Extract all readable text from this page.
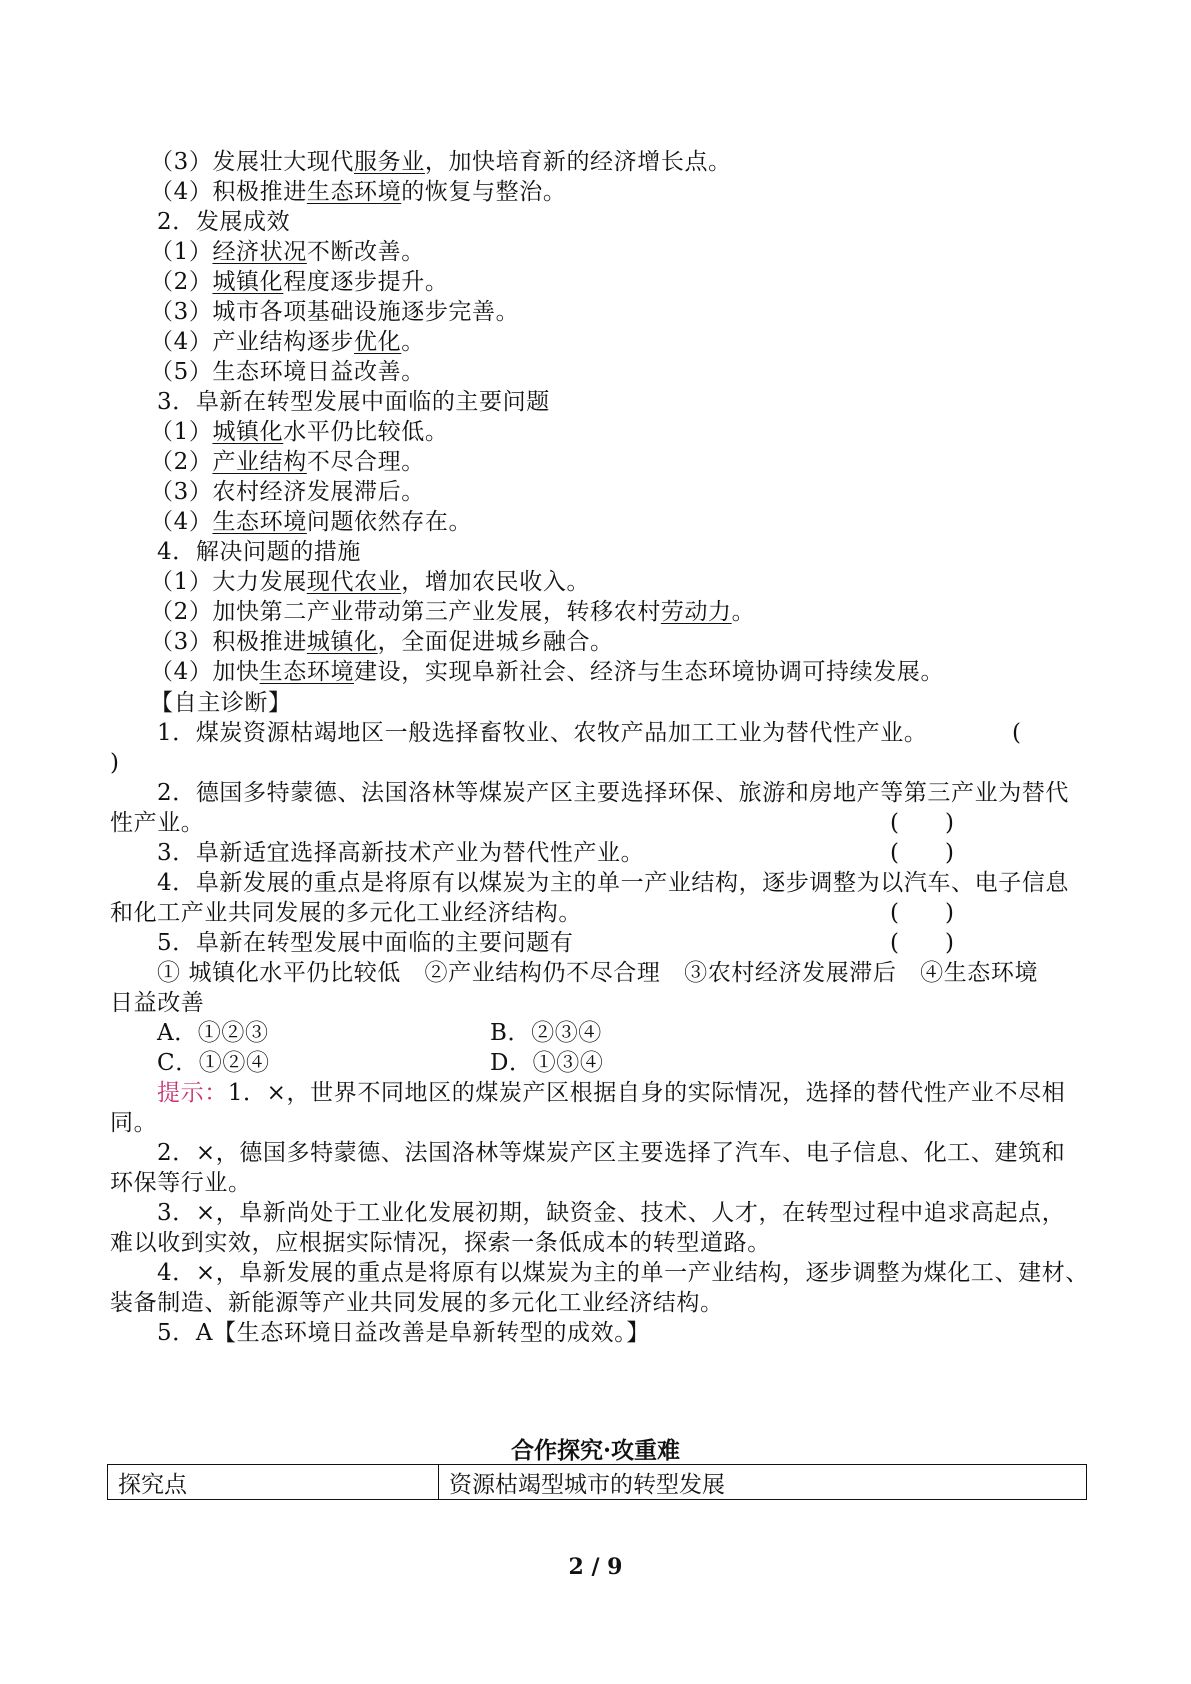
（3）发展壮大现代服务业，加快培育新的经济增长点。
（4）积极推进生态环境的恢复与整治。
2．发展成效
（1）经济状况不断改善。
（2）城镇化程度逐步提升。
（3）城市各项基础设施逐步完善。
（4）产业结构逐步优化。
（5）生态环境日益改善。
3．阜新在转型发展中面临的主要问题
（1）城镇化水平仍比较低。
（2）产业结构不尽合理。
（3）农村经济发展滞后。
（4）生态环境问题依然存在。
4．解决问题的措施
（1）大力发展现代农业，增加农民收入。
（2）加快第二产业带动第三产业发展，转移农村劳动力。
（3）积极推进城镇化，全面促进城乡融合。
（4）加快生态环境建设，实现阜新社会、经济与生态环境协调可持续发展。
【自主诊断】
1．煤炭资源枯竭地区一般选择畜牧业、农牧产品加工工业为替代性产业。	(
)
2．德国多特蒙德、法国洛林等煤炭产区主要选择环保、旅游和房地产等第三产业为替代
性产业。	(　　)
3．阜新适宜选择高新技术产业为替代性产业。	(　　)
4．阜新发展的重点是将原有以煤炭为主的单一产业结构，逐步调整为以汽车、电子信息
和化工产业共同发展的多元化工业经济结构。	(　　)
5．阜新在转型发展中面临的主要问题有	(　　)
① 城镇化水平仍比较低　②产业结构仍不尽合理　③农村经济发展滞后　④生态环境
日益改善
A．①②③	B．②③④
C．①②④	D．①③④
提示：1．×，世界不同地区的煤炭产区根据自身的实际情况，选择的替代性产业不尽相
同。
2．×，德国多特蒙德、法国洛林等煤炭产区主要选择了汽车、电子信息、化工、建筑和
环保等行业。
3．×，阜新尚处于工业化发展初期，缺资金、技术、人才，在转型过程中追求高起点，
难以收到实效，应根据实际情况，探索一条低成本的转型道路。
4．×，阜新发展的重点是将原有以煤炭为主的单一产业结构，逐步调整为煤化工、建材、
装备制造、新能源等产业共同发展的多元化工业经济结构。
5．A【生态环境日益改善是阜新转型的成效。】
合作探究·攻重难
探究点	资源枯竭型城市的转型发展
2 / 9
